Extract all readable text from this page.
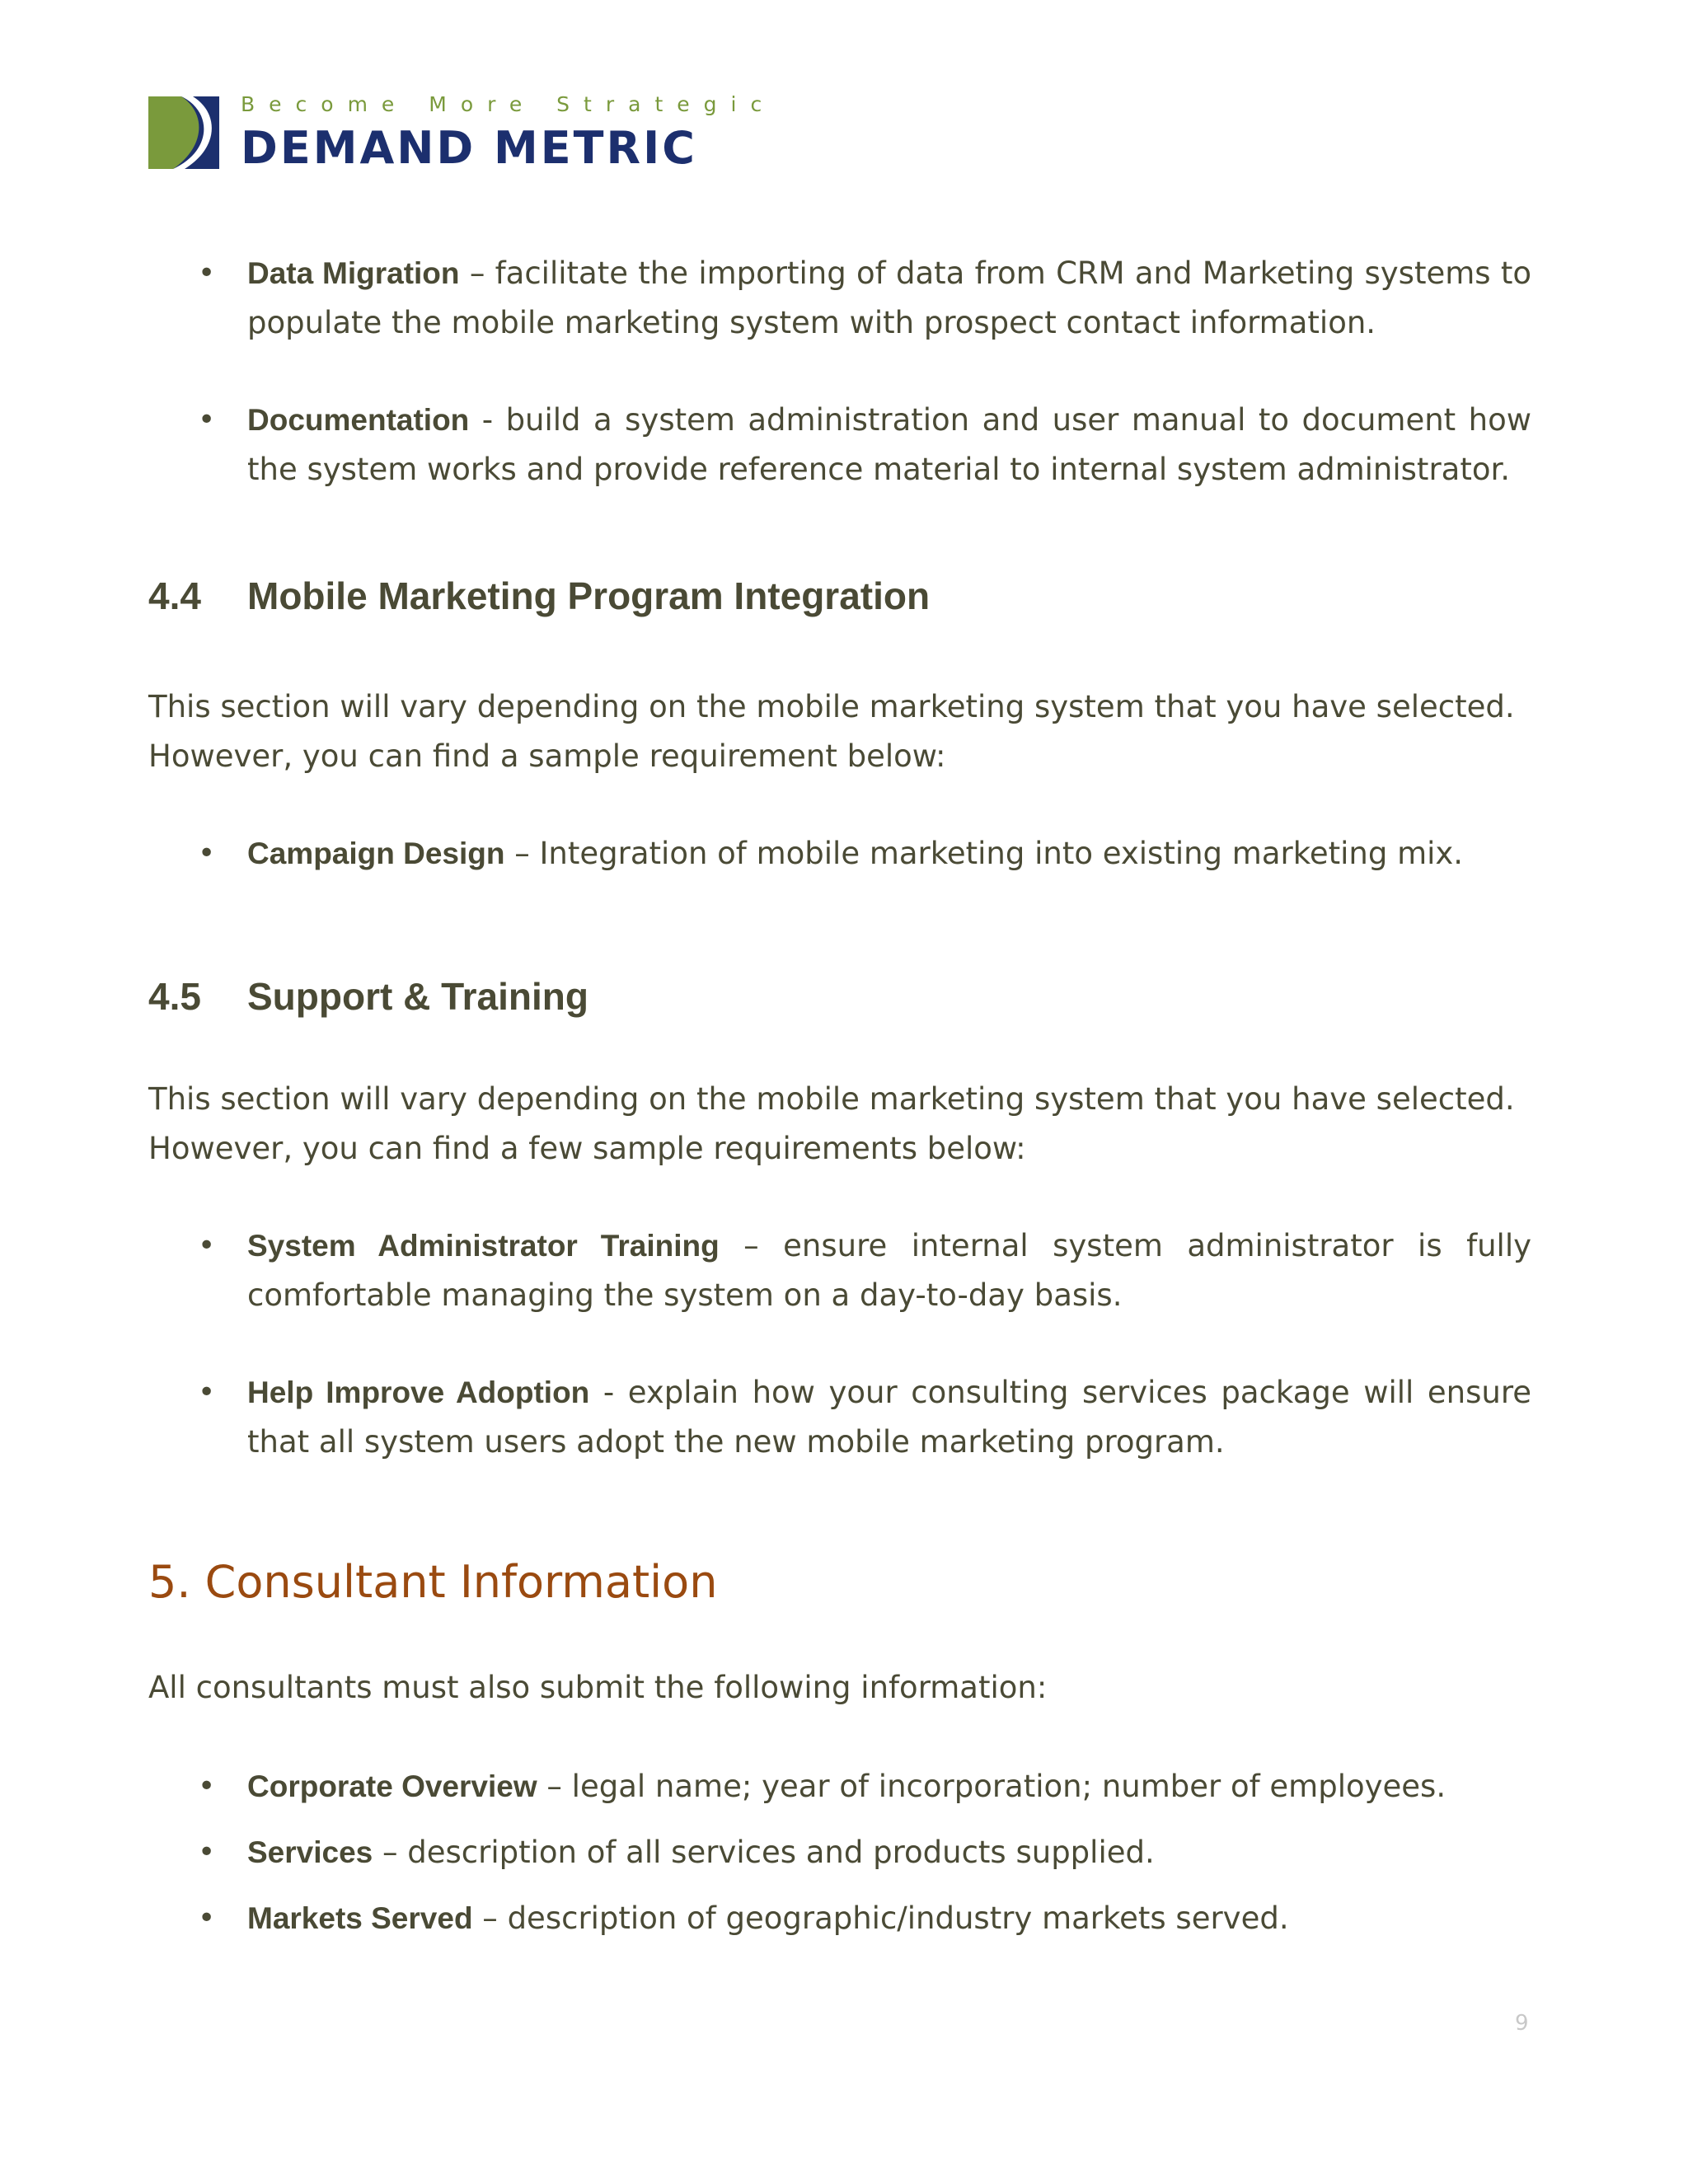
Become More Strategic
DEMAND METRIC
• Data Migration – facilitate the importing of data from CRM and Marketing systems to populate the mobile marketing system with prospect contact information.
• Documentation - build a system administration and user manual to document how the system works and provide reference material to internal system administrator.
4.4 Mobile Marketing Program Integration
This section will vary depending on the mobile marketing system that you have selected. However, you can find a sample requirement below:
• Campaign Design – Integration of mobile marketing into existing marketing mix.
4.5 Support & Training
This section will vary depending on the mobile marketing system that you have selected. However, you can find a few sample requirements below:
• System Administrator Training – ensure internal system administrator is fully comfortable managing the system on a day-to-day basis.
• Help Improve Adoption - explain how your consulting services package will ensure that all system users adopt the new mobile marketing program.
5. Consultant Information
All consultants must also submit the following information:
• Corporate Overview – legal name; year of incorporation; number of employees.
• Services – description of all services and products supplied.
• Markets Served – description of geographic/industry markets served.
9
